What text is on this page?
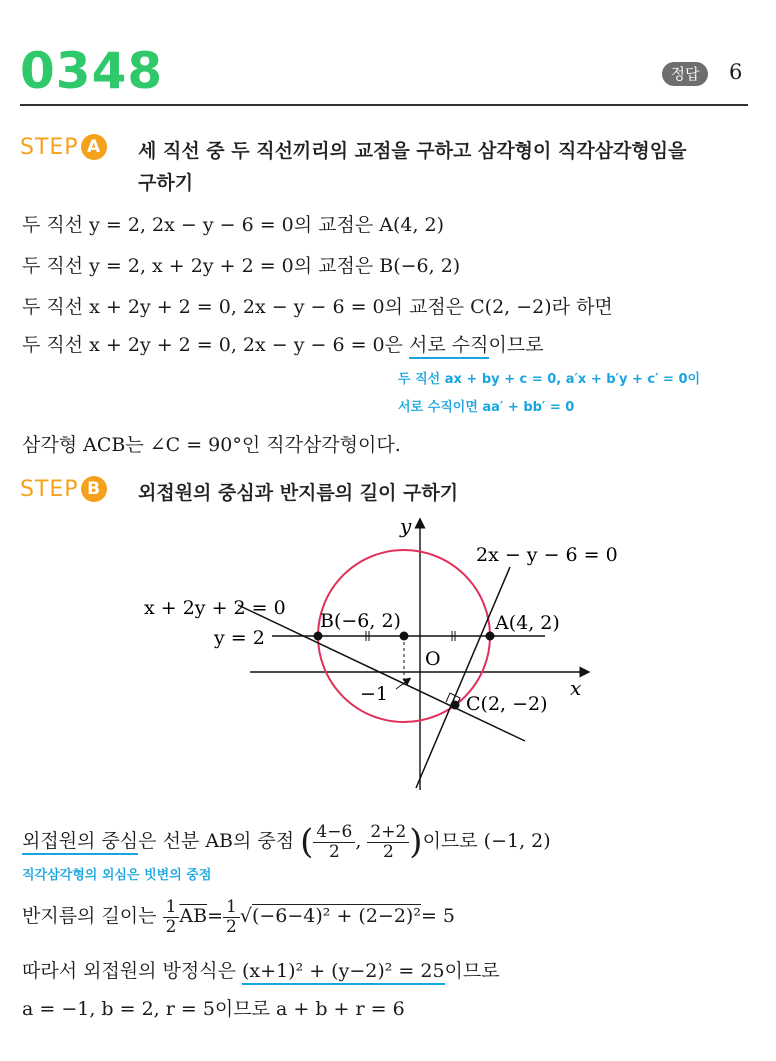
0348	정답	6
STEP A	세 직선 중 두 직선끼리의 교점을 구하고 삼각형이 직각삼각형임을
구하기
두 직선 y = 2, 2x − y − 6 = 0의 교점은 A(4, 2)
두 직선 y = 2, x + 2y + 2 = 0의 교점은 B(−6, 2)
두 직선 x + 2y + 2 = 0, 2x − y − 6 = 0의 교점은 C(2, −2)라 하면
두 직선 x + 2y + 2 = 0, 2x − y − 6 = 0은 서로 수직이므로
두 직선 ax + by + c = 0, a′x + b′y + c′ = 0이
서로 수직이면 aa′ + bb′ = 0
삼각형 ACB는 ∠C = 90°인 직각삼각형이다.
STEP B	외접원의 중심과 반지름의 길이 구하기
y
x
O
2x − y − 6 = 0
x + 2y + 2 = 0
y = 2
B(−6, 2)	A(4, 2)
C(2, −2)
−1
외접원의 중심은 선분 AB의 중점 ( $\frac{4-6}{2}$ , $\frac{2+2}{2}$ )이므로 (−1, 2)
직각삼각형의 외심은 빗변의 중점
반지름의 길이는 $\frac{1}{2} \overline{AB}= \frac{1}{2} √(-6-4)^2 + (2-2)^2= 5$
따라서 외접원의 방정식은 (x+1)² + (y−2)² = 25이므로
a = −1, b = 2, r = 5이므로 a + b + r = 6
